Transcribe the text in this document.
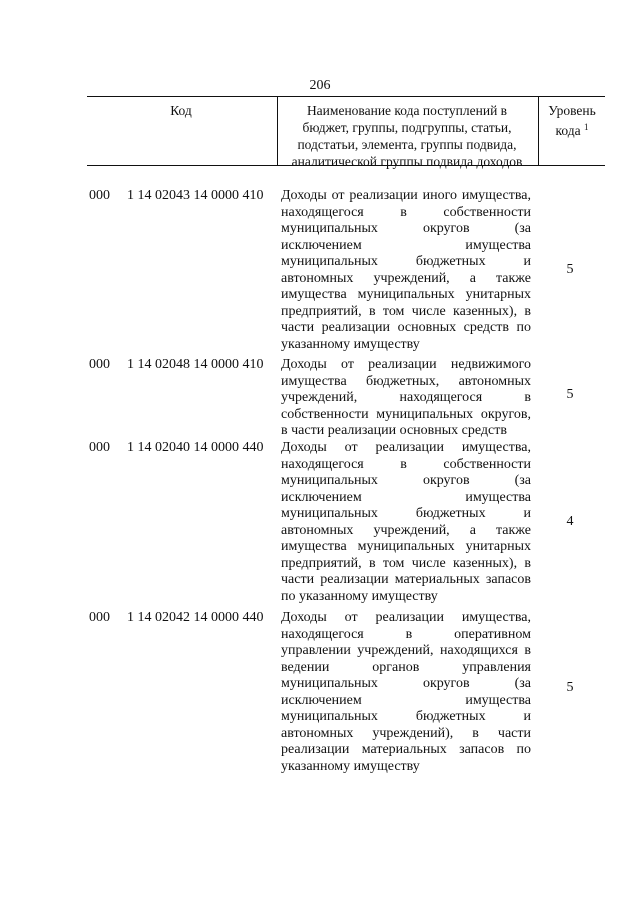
206
Код	Наименование кода поступлений в
бюджет, группы, подгруппы, статьи,
подстатьи, элемента, группы подвида,
аналитической группы подвида доходов
Уровень
кода $^1$
000 1 14 02043 14 0000 410 Доходы от реализации иного имущества,
находящегося в собственности
муниципальных округов (за
исключением имущества
муниципальных бюджетных и
автономных учреждений, а также
имущества муниципальных унитарных
предприятий, в том числе казенных), в
части реализации основных средств по
указанному имуществу
5
000 1 14 02048 14 0000 410 Доходы от реализации недвижимого
имущества бюджетных, автономных
учреждений, находящегося в
собственности муниципальных округов,
в части реализации основных средств
5
000 1 14 02040 14 0000 440 Доходы от реализации имущества,
находящегося в собственности
муниципальных округов (за
исключением имущества
муниципальных бюджетных и
автономных учреждений, а также
имущества муниципальных унитарных
предприятий, в том числе казенных), в
части реализации материальных запасов
по указанному имуществу
4
000 1 14 02042 14 0000 440 Доходы от реализации имущества,
находящегося в оперативном
управлении учреждений, находящихся в
ведении органов управления
муниципальных округов (за
исключением имущества
муниципальных бюджетных и
автономных учреждений), в части
реализации материальных запасов по
указанному имуществу
5
